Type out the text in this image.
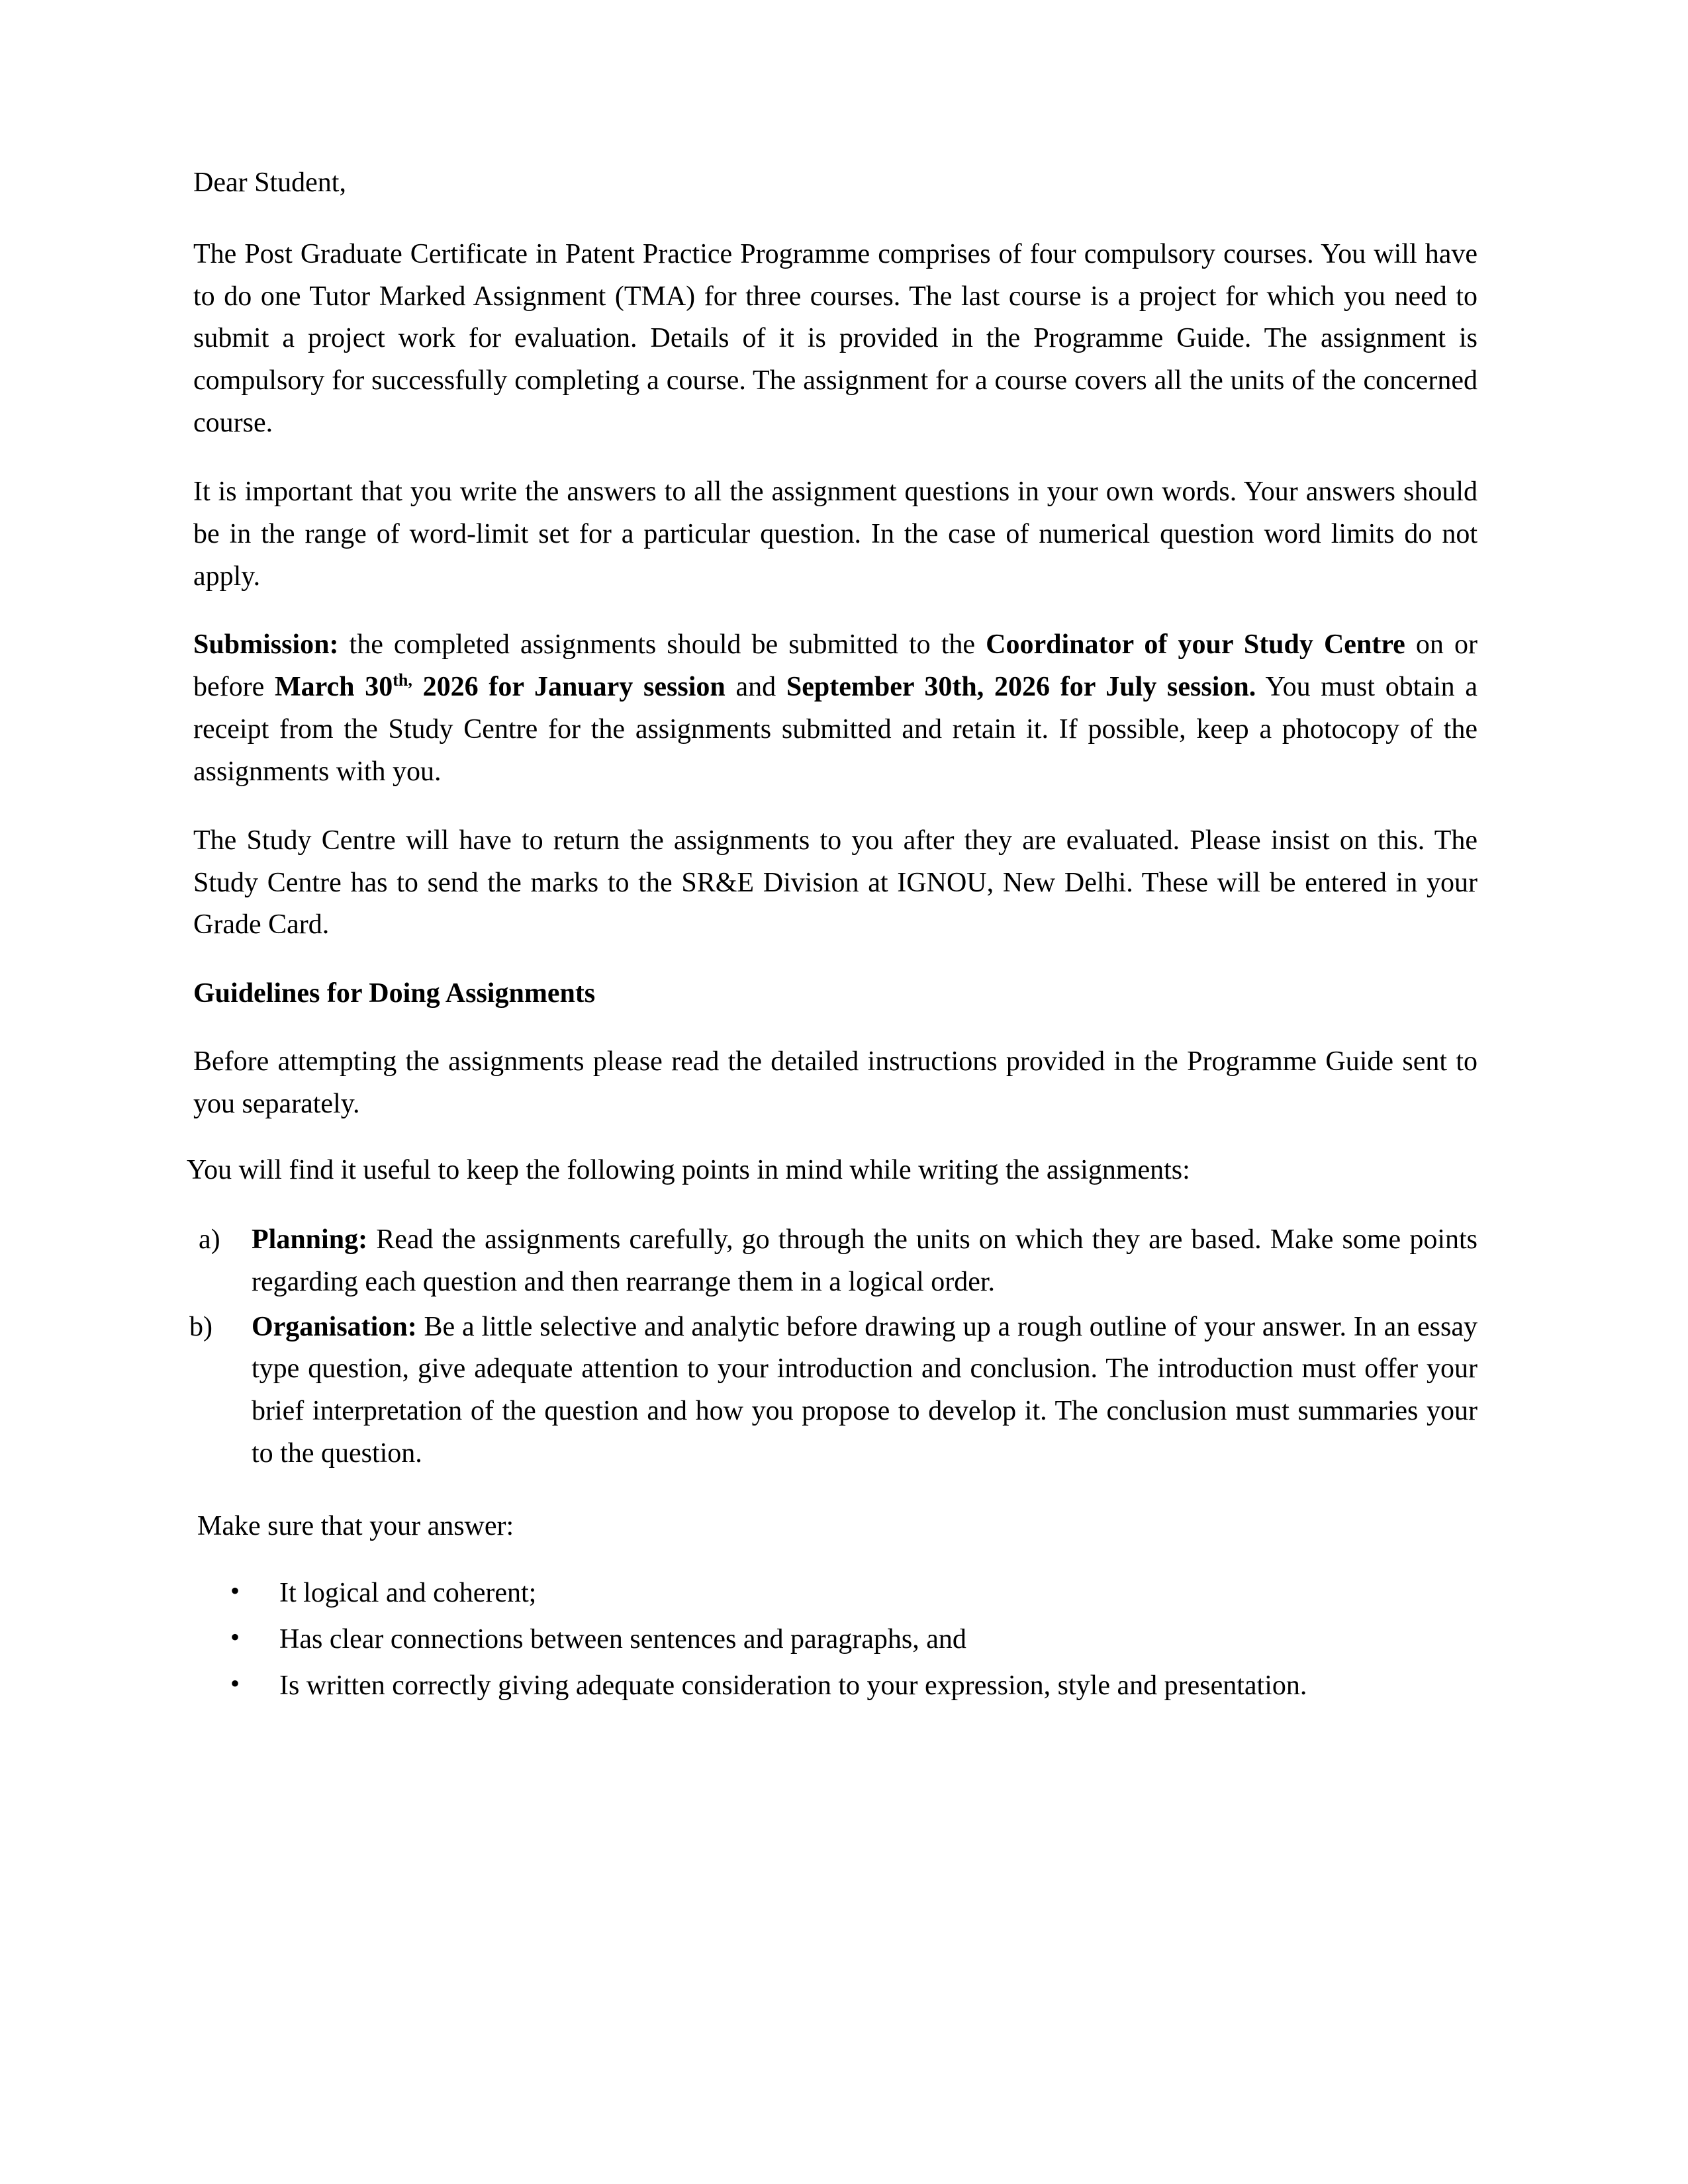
Dear Student,

The Post Graduate Certificate in Patent Practice Programme comprises of four compulsory courses. You will have to do one Tutor Marked Assignment (TMA) for three courses. The last course is a project for which you need to submit a project work for evaluation. Details of it is provided in the Programme Guide. The assignment is compulsory for successfully completing a course. The assignment for a course covers all the units of the concerned course.

It is important that you write the answers to all the assignment questions in your own words. Your answers should be in the range of word-limit set for a particular question. In the case of numerical question word limits do not apply.

Submission: the completed assignments should be submitted to the Coordinator of your Study Centre on or before March $30^{th,}$ 2026 for January session and September 30th, 2026 for July session. You must obtain a receipt from the Study Centre for the assignments submitted and retain it. If possible, keep a photocopy of the assignments with you.

The Study Centre will have to return the assignments to you after they are evaluated. Please insist on this. The Study Centre has to send the marks to the SR&E Division at IGNOU, New Delhi. These will be entered in your Grade Card.

Guidelines for Doing Assignments

Before attempting the assignments please read the detailed instructions provided in the Programme Guide sent to you separately.

You will find it useful to keep the following points in mind while writing the assignments:

a)	Planning: Read the assignments carefully, go through the units on which they are based. Make some points regarding each question and then rearrange them in a logical order.
b)	Organisation: Be a little selective and analytic before drawing up a rough outline of your answer. In an essay type question, give adequate attention to your introduction and conclusion. The introduction must offer your brief interpretation of the question and how you propose to develop it. The conclusion must summaries your to the question.

Make sure that your answer:

• It logical and coherent;
• Has clear connections between sentences and paragraphs, and
• Is written correctly giving adequate consideration to your expression, style and presentation.
